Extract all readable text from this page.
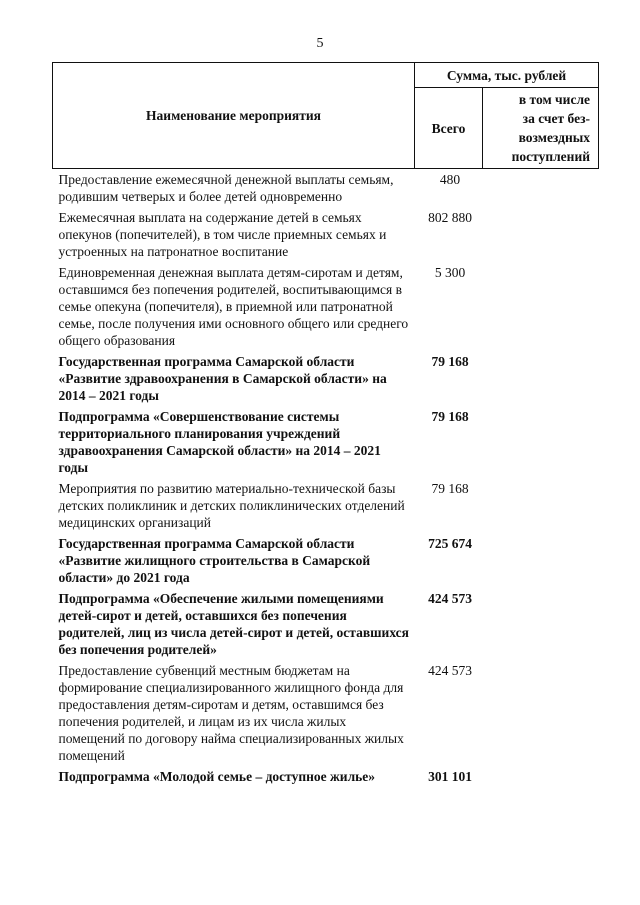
5
Наименование мероприятия	Сумма, тыс. рублей	
	Всего	в том числе
за счет без-
возмездных
поступлений

Предоставление ежемесячной денежной выплаты семьям, родившим четверых и более детей одновременно	480	
Ежемесячная выплата на содержание детей в семьях опекунов (попечителей), в том числе приемных семьях и устроенных на патронатное воспитание	802 880	
Единовременная денежная выплата детям-сиротам и детям, оставшимся без попечения родителей, воспитывающимся в семье опекуна (попечителя), в приемной или патронатной семье, после получения ими основного общего или среднего общего образования	5 300	
Государственная программа Самарской области «Развитие здравоохранения в Самарской области» на 2014 – 2021 годы	79 168	
Подпрограмма «Совершенствование системы территориального планирования учреждений здравоохранения Самарской области» на 2014 – 2021 годы	79 168	
Мероприятия по развитию материально-технической базы детских поликлиник и детских поликлинических отделений медицинских организаций	79 168	
Государственная программа Самарской области «Развитие жилищного строительства в Самарской области» до 2021 года	725 674	
Подпрограмма «Обеспечение жилыми помещениями детей-сирот и детей, оставшихся без попечения родителей, лиц из числа детей-сирот и детей, оставшихся без попечения родителей»	424 573	
Предоставление субвенций местным бюджетам на формирование специализированного жилищного фонда для предоставления детям-сиротам и детям, оставшимся без попечения родителей, и лицам из их числа жилых помещений по договору найма специализированных жилых помещений	424 573	
Подпрограмма «Молодой семье – доступное жилье»	301 101	
